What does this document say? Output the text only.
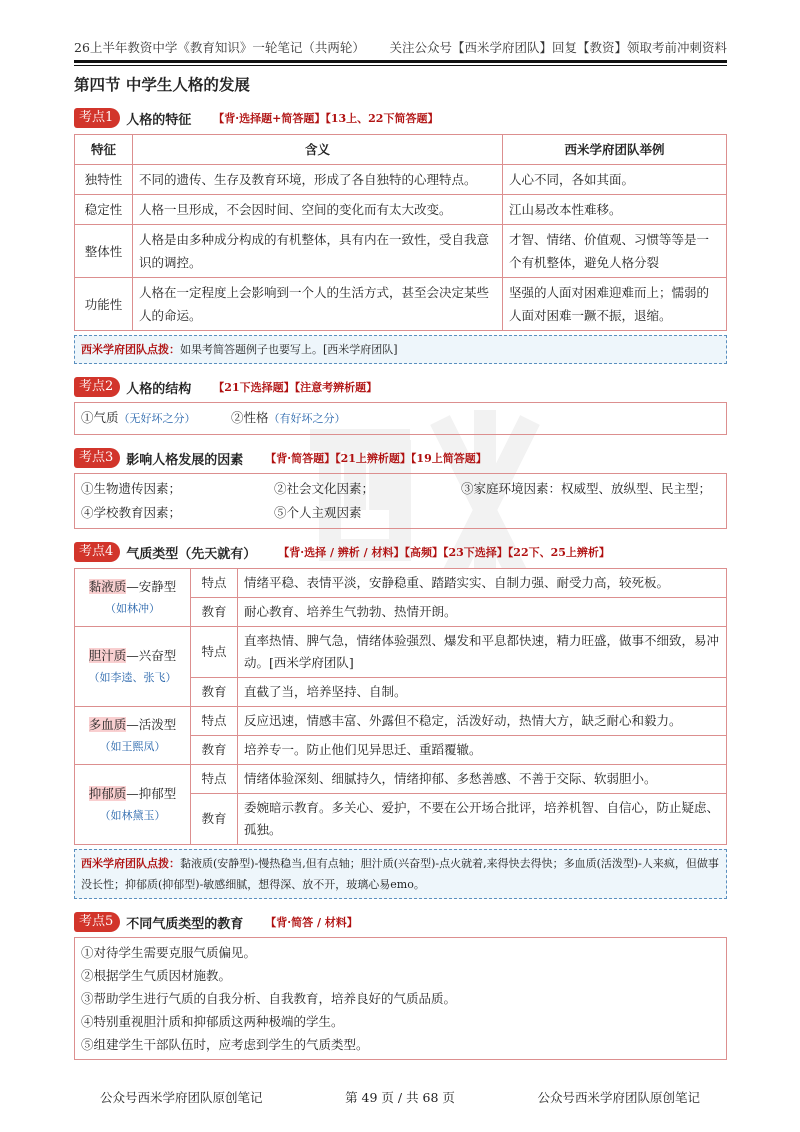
26上半年教资中学《教育知识》一轮笔记（共两轮） 关注公众号【西米学府团队】回复【教资】领取考前冲刺资料
第四节 中学生人格的发展
考点1	人格的特征 【背·选择题+简答题】【13上、22下简答题】
特征	含义	西米学府团队举例
独特性	不同的遗传、生存及教育环境，形成了各自独特的心理特点。	人心不同，各如其面。
稳定性	人格一旦形成，不会因时间、空间的变化而有太大改变。	江山易改本性难移。
整体性	人格是由多种成分构成的有机整体，具有内在一致性，受自我意识的调控。	才智、情绪、价值观、习惯等等是一个有机整体，避免人格分裂
功能性	人格在一定程度上会影响到一个人的生活方式，甚至会决定某些人的命运。	坚强的人面对困难迎难而上；懦弱的人面对困难一蹶不振，退缩。
西米学府团队点拨：如果考简答题例子也要写上。[西米学府团队]
考点2	人格的结构 【21下选择题】【注意考辨析题】
①气质（无好坏之分）	②性格（有好坏之分）
考点3	影响人格发展的因素 【背·简答题】【21上辨析题】【19上简答题】
①生物遗传因素；	②社会文化因素；	③家庭环境因素：权威型、放纵型、民主型；
④学校教育因素；	⑤个人主观因素
考点4	气质类型（先天就有） 【背·选择 / 辨析 / 材料】【高频】【23下选择】【22下、25上辨析】
黏液质—安静型
（如林冲）	特点	情绪平稳、表情平淡，安静稳重、踏踏实实、自制力强、耐受力高，较死板。
	教育	耐心教育、培养生气勃勃、热情开朗。

胆汁质—兴奋型
（如李逵、张飞）	特点	直率热情、脾气急，情绪体验强烈、爆发和平息都快速，精力旺盛，做事不细致，易冲动。[西米学府团队]
	教育	直截了当，培养坚持、自制。

多血质—活泼型
（如王熙凤）	特点	反应迅速，情感丰富、外露但不稳定，活泼好动，热情大方，缺乏耐心和毅力。
	教育	培养专一。防止他们见异思迁、重蹈覆辙。

抑郁质—抑郁型
（如林黛玉）	特点	情绪体验深刻、细腻持久，情绪抑郁、多愁善感、不善于交际、软弱胆小。
	教育	委婉暗示教育。多关心、爱护，不要在公开场合批评，培养机智、自信心，防止疑虑、孤独。
西米学府团队点拨：黏液质(安静型)-慢热稳当,但有点轴；胆汁质(兴奋型)-点火就着,来得快去得快；多血质(活泼型)-人来疯，但做事没长性；抑郁质(抑郁型)-敏感细腻，想得深、放不开，玻璃心易emo。
考点5	不同气质类型的教育 【背·简答 / 材料】
①对待学生需要克服气质偏见。
②根据学生气质因材施教。
③帮助学生进行气质的自我分析、自我教育，培养良好的气质品质。
④特别重视胆汁质和抑郁质这两种极端的学生。
⑤组建学生干部队伍时，应考虑到学生的气质类型。
公众号西米学府团队原创笔记	第 49 页 / 共 68 页	公众号西米学府团队原创笔记
